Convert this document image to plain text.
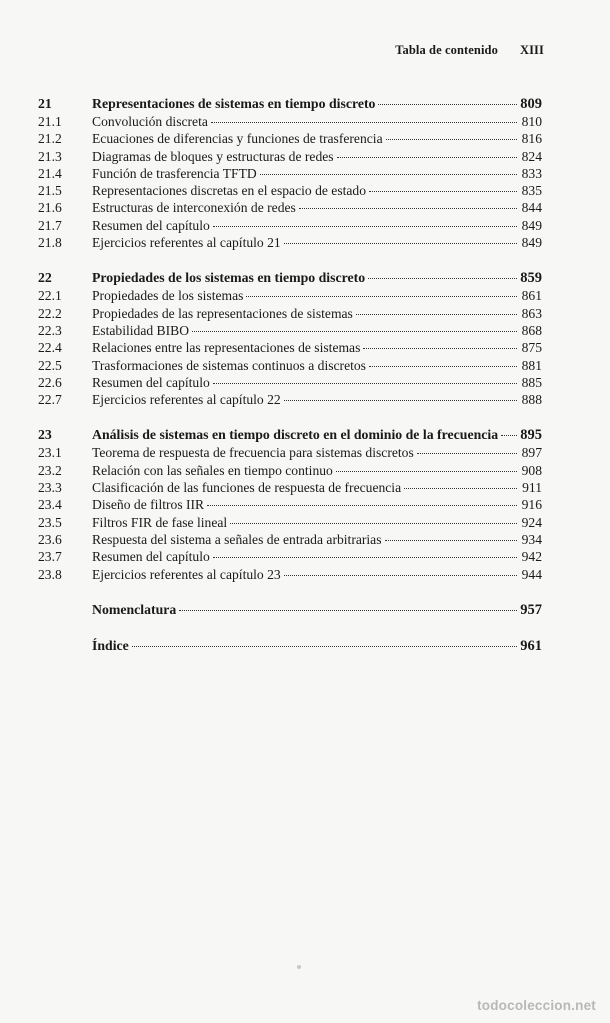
Tabla de contenido XIII
21	Representaciones de sistemas en tiempo discreto	809
21.1	Convolución discreta	810
21.2	Ecuaciones de diferencias y funciones de trasferencia	816
21.3	Diagramas de bloques y estructuras de redes	824
21.4	Función de trasferencia TFTD	833
21.5	Representaciones discretas en el espacio de estado	835
21.6	Estructuras de interconexión de redes	844
21.7	Resumen del capítulo	849
21.8	Ejercicios referentes al capítulo 21	849
22	Propiedades de los sistemas en tiempo discreto	859
22.1	Propiedades de los sistemas	861
22.2	Propiedades de las representaciones de sistemas	863
22.3	Estabilidad BIBO	868
22.4	Relaciones entre las representaciones de sistemas	875
22.5	Trasformaciones de sistemas continuos a discretos	881
22.6	Resumen del capítulo	885
22.7	Ejercicios referentes al capítulo 22	888
23	Análisis de sistemas en tiempo discreto en el dominio de la frecuencia 895
23.1	Teorema de respuesta de frecuencia para sistemas discretos	897
23.2	Relación con las señales en tiempo continuo	908
23.3	Clasificación de las funciones de respuesta de frecuencia	911
23.4	Diseño de filtros IIR	916
23.5	Filtros FIR de fase lineal	924
23.6	Respuesta del sistema a señales de entrada arbitrarias	934
23.7	Resumen del capítulo	942
23.8	Ejercicios referentes al capítulo 23	944
Nomenclatura	957
Índice	961
todocoleccion.net
